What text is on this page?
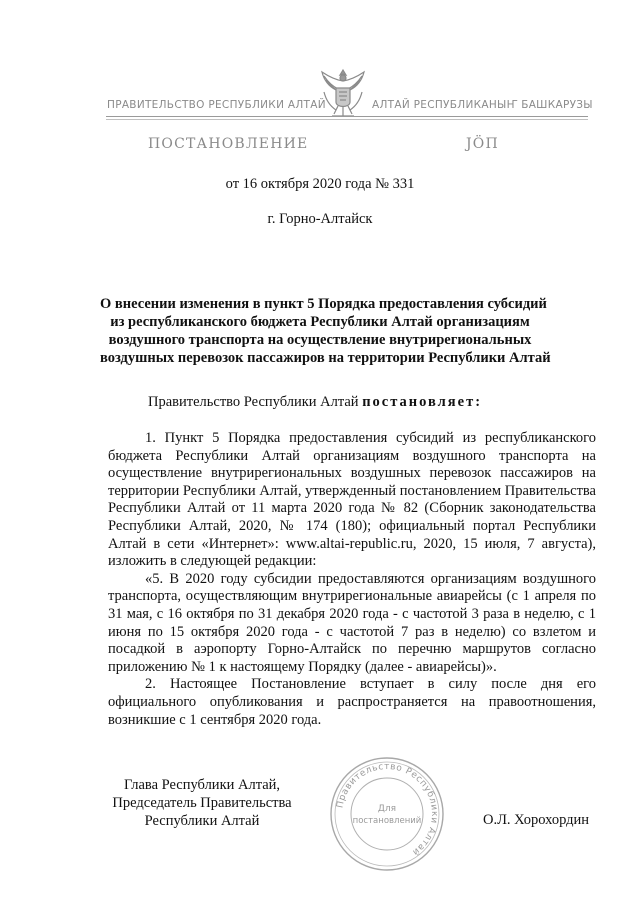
ПРАВИТЕЛЬСТВО РЕСПУБЛИКИ АЛТАЙ	АЛТАЙ РЕСПУБЛИКАНЫҤ БАШКАРУЗЫ
ПОСТАНОВЛЕНИЕ	JӦП
от 16 октября 2020 года № 331
г. Горно-Алтайск
О внесении изменения в пункт 5 Порядка предоставления субсидий
из республиканского бюджета Республики Алтай организациям
воздушного транспорта на осуществление внутрирегиональных
воздушных перевозок пассажиров на территории Республики Алтай
Правительство Республики Алтай постановляет:

1. Пункт 5 Порядка предоставления субсидий из республиканского бюджета Республики Алтай организациям воздушного транспорта на осуществление внутрирегиональных воздушных перевозок пассажиров на территории Республики Алтай, утвержденный постановлением Правительства Республики Алтай от 11 марта 2020 года № 82 (Сборник законодательства Республики Алтай, 2020, № 174 (180); официальный портал Республики Алтай в сети «Интернет»: www.altai-republic.ru, 2020, 15 июля, 7 августа), изложить в следующей редакции:

«5. В 2020 году субсидии предоставляются организациям воздушного транспорта, осуществляющим внутрирегиональные авиарейсы (с 1 апреля по 31 мая, с 16 октября по 31 декабря 2020 года - с частотой 3 раза в неделю, с 1 июня по 15 октября 2020 года - с частотой 7 раз в неделю) со взлетом и посадкой в аэропорту Горно-Алтайск по перечню маршрутов согласно приложению № 1 к настоящему Порядку (далее - авиарейсы)».

2. Настоящее Постановление вступает в силу после дня его официального опубликования и распространяется на правоотношения, возникшие с 1 сентября 2020 года.

Глава Республики Алтай,
Председатель Правительства
Республики Алтай
Правительство Республики Алтай
Для
постановлений	О.Л. Хорохордин
